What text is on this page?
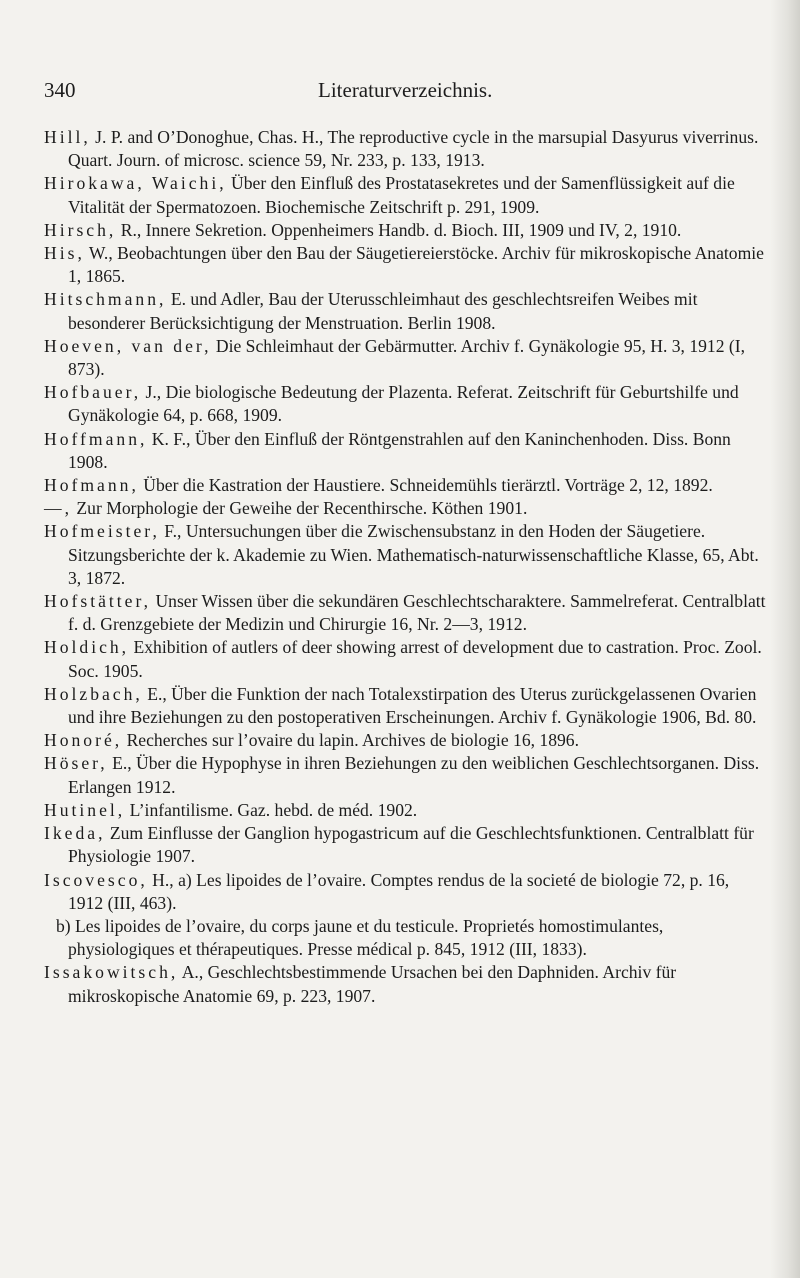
340	Literaturverzeichnis.

Hill, J. P. and O’Donoghue, Chas. H., The reproductive cycle in the marsupial Dasyurus viverrinus. Quart. Journ. of microsc. science 59, Nr. 233, p. 133, 1913.

Hirokawa, Waichi, Über den Einfluß des Prostatasekretes und der Samenflüssigkeit auf die Vitalität der Spermatozoen. Biochemische Zeitschrift p. 291, 1909.

Hirsch, R., Innere Sekretion. Oppenheimers Handb. d. Bioch. III, 1909 und IV, 2, 1910.

His, W., Beobachtungen über den Bau der Säugetiereierstöcke. Archiv für mikroskopische Anatomie 1, 1865.

Hitschmann, E. und Adler, Bau der Uterusschleimhaut des geschlechtsreifen Weibes mit besonderer Berücksichtigung der Menstruation. Berlin 1908.

Hoeven, van der, Die Schleimhaut der Gebärmutter. Archiv f. Gynäkologie 95, H. 3, 1912 (I, 873).

Hofbauer, J., Die biologische Bedeutung der Plazenta. Referat. Zeitschrift für Geburtshilfe und Gynäkologie 64, p. 668, 1909.

Hoffmann, K. F., Über den Einfluß der Röntgenstrahlen auf den Kaninchenhoden. Diss. Bonn 1908.

Hofmann, Über die Kastration der Haustiere. Schneidemühls tierärztl. Vorträge 2, 12, 1892.

—, Zur Morphologie der Geweihe der Recenthirsche. Köthen 1901.

Hofmeister, F., Untersuchungen über die Zwischensubstanz in den Hoden der Säugetiere. Sitzungsberichte der k. Akademie zu Wien. Mathematisch-naturwissenschaftliche Klasse, 65, Abt. 3, 1872.

Hofstätter, Unser Wissen über die sekundären Geschlechtscharaktere. Sammelreferat. Centralblatt f. d. Grenzgebiete der Medizin und Chirurgie 16, Nr. 2—3, 1912.

Holdich, Exhibition of autlers of deer showing arrest of development due to castration. Proc. Zool. Soc. 1905.

Holzbach, E., Über die Funktion der nach Totalexstirpation des Uterus zurückgelassenen Ovarien und ihre Beziehungen zu den postoperativen Erscheinungen. Archiv f. Gynäkologie 1906, Bd. 80.

Honoré, Recherches sur l’ovaire du lapin. Archives de biologie 16, 1896.

Höser, E., Über die Hypophyse in ihren Beziehungen zu den weiblichen Geschlechtsorganen. Diss. Erlangen 1912.

Hutinel, L’infantilisme. Gaz. hebd. de méd. 1902.

Ikeda, Zum Einflusse der Ganglion hypogastricum auf die Geschlechtsfunktionen. Centralblatt für Physiologie 1907.

Iscovesco, H., a) Les lipoides de l’ovaire. Comptes rendus de la societé de biologie 72, p. 16, 1912 (III, 463).

b) Les lipoides de l’ovaire, du corps jaune et du testicule. Proprietés homostimulantes, physiologiques et thérapeutiques. Presse médical p. 845, 1912 (III, 1833).

Issakowitsch, A., Geschlechtsbestimmende Ursachen bei den Daphniden. Archiv für mikroskopische Anatomie 69, p. 223, 1907.
